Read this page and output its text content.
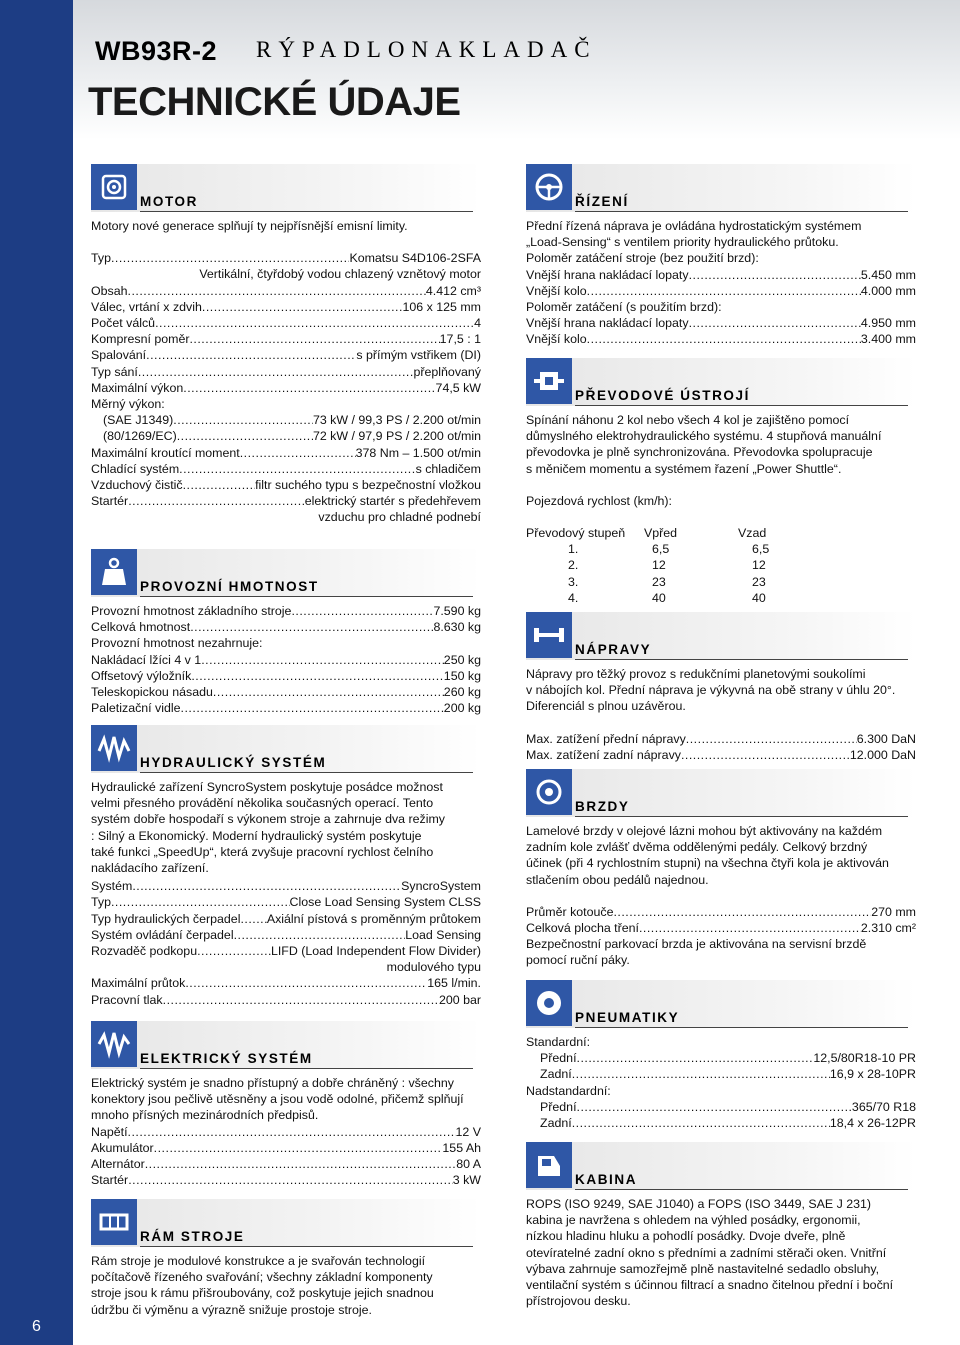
6
WB93R-2 RÝPADLONAKLADAČ
TECHNICKÉ ÚDAJE
MOTOR

Motory nové generace splňují ty nejpřísnější emisní limity.

Typ .....	Komatsu S4D106-2SFA
Vertikální, čtyřdobý vodou chlazený vznětový motor
Obsah .....	4.412 cm³
Válec, vrtání x zdvih .....	106 x 125 mm
Počet válců .....	4
Kompresní poměr .....	17,5 : 1
Spalování .....	s přímým vstřikem (DI)
Typ sání .....	přeplňovaný
Maximální výkon .....	74,5 kW
Měrný výkon:
(SAE J1349) .....	73 kW / 99,3 PS / 2.200 ot/min
(80/1269/EC) .....	72 kW / 97,9 PS / 2.200 ot/min
Maximální kroutící moment .....	378 Nm – 1.500 ot/min
Chladící systém .....	s chladičem
Vzduchový čistič .....	filtr suchého typu s bezpečnostní vložkou
Startér .....	elektrický startér s předehřevem
vzduchu pro chladné podnebí
PROVOZNÍ HMOTNOST
Provozní hmotnost základního stroje .....	7.590 kg
Celková hmotnost .....	8.630 kg
Provozní hmotnost nezahrnuje:
Nakládací lžíci 4 v 1 .....	250 kg
Offsetový výložník .....	150 kg
Teleskopickou násadu .....	260 kg
Paletizační vidle .....	200 kg
HYDRAULICKÝ SYSTÉM
Hydraulické zařízení SyncroSystem poskytuje posádce možnost
velmi přesného provádění několika současných operací. Tento
systém dobře hospodaří s výkonem stroje a zahrnuje dva režimy
: Silný a Ekonomický. Moderní hydraulický systém poskytuje
také funkci „SpeedUp“, která zvyšuje pracovní rychlost čelního
nakládacího zařízení.
Systém .....	SyncroSystem
Typ .....	Close Load Sensing System CLSS
Typ hydraulických čerpadel ..... Axiální pístová s proměnným průtokem
Systém ovládání čerpadel .....	Load Sensing
Rozvaděč podkopu .....	LIFD (Load Independent Flow Divider)
modulového typu
Maximální průtok .....	165 l/min.
Pracovní tlak .....	200 bar
ELEKTRICKÝ SYSTÉM
Elektrický systém je snadno přístupný a dobře chráněný : všechny
konektory jsou pečlivě utěsněny a jsou vodě odolné, přičemž splňují
mnoho přísných mezinárodních předpisů.
Napětí .....	12 V
Akumulátor .....	155 Ah
Alternátor .....	80 A
Startér .....	3 kW
RÁM STROJE
Rám stroje je modulové konstrukce a je svařován technologií
počítačově řízeného svařování; všechny základní komponenty
stroje jsou k rámu přišroubovány, což poskytuje jejich snadnou
údržbu či výměnu a výrazně snižuje prostoje stroje.
ŘÍZENÍ
Přední řízená náprava je ovládána hydrostatickým systémem
„Load-Sensing“ s ventilem priority hydraulického průtoku.
Poloměr zatáčení stroje (bez použití brzd):
Vnější hrana nakládací lopaty .....	5.450 mm
Vnější kolo .....	4.000 mm
Poloměr zatáčení (s použitím brzd):
Vnější hrana nakládací lopaty .....	4.950 mm
Vnější kolo .....	3.400 mm
PŘEVODOVÉ ÚSTROJÍ
Spínání náhonu 2 kol nebo všech 4 kol je zajištěno pomocí
důmyslného elektrohydraulického systému. 4 stupňová manuální
převodovka je plně synchronizována. Převodovka spolupracuje
s měničem momentu a systémem řazení „Power Shuttle“.
Pojezdová rychlost (km/h):
Převodový stupeň	Vpřed	Vzad
1.	6,5	6,5
2.	12	12
3.	23	23
4.	40	40
NÁPRAVY
Nápravy pro těžký provoz s redukčními planetovými soukolími
v nábojích kol. Přední náprava je výkyvná na obě strany v úhlu 20°.
Diferenciál s plnou uzávěrou.
Max. zatížení přední nápravy .....	6.300 DaN
Max. zatížení zadní nápravy .....	12.000 DaN
BRZDY
Lamelové brzdy v olejové lázni mohou být aktivovány na každém
zadním kole zvlášť dvěma oddělenými pedály. Celkový brzdný
účinek (při 4 rychlostním stupni) na všechna čtyři kola je aktivován
stlačením obou pedálů najednou.
Průměr kotouče .....	270 mm
Celková plocha tření .....	2.310 cm²
Bezpečnostní parkovací brzda je aktivována na servisní brzdě
pomocí ruční páky.
PNEUMATIKY
Standardní:
Přední .....	12,5/80R18-10 PR
Zadní .....	16,9 x 28-10PR
Nadstandardní:
Přední .....	365/70 R18
Zadní .....	18,4 x 26-12PR
KABINA
ROPS (ISO 9249, SAE J1040) a FOPS (ISO 3449, SAE J 231)
kabina je navržena s ohledem na výhled posádky, ergonomii,
nízkou hladinu hluku a pohodlí posádky. Dvoje dveře, plně
otevíratelné zadní okno s předními a zadními stěrači oken. Vnitřní
výbava zahrnuje samozřejmě plně nastavitelné sedadlo obsluhy,
ventilační systém s účinnou filtrací a snadno čitelnou přední i boční
přístrojovou desku.
